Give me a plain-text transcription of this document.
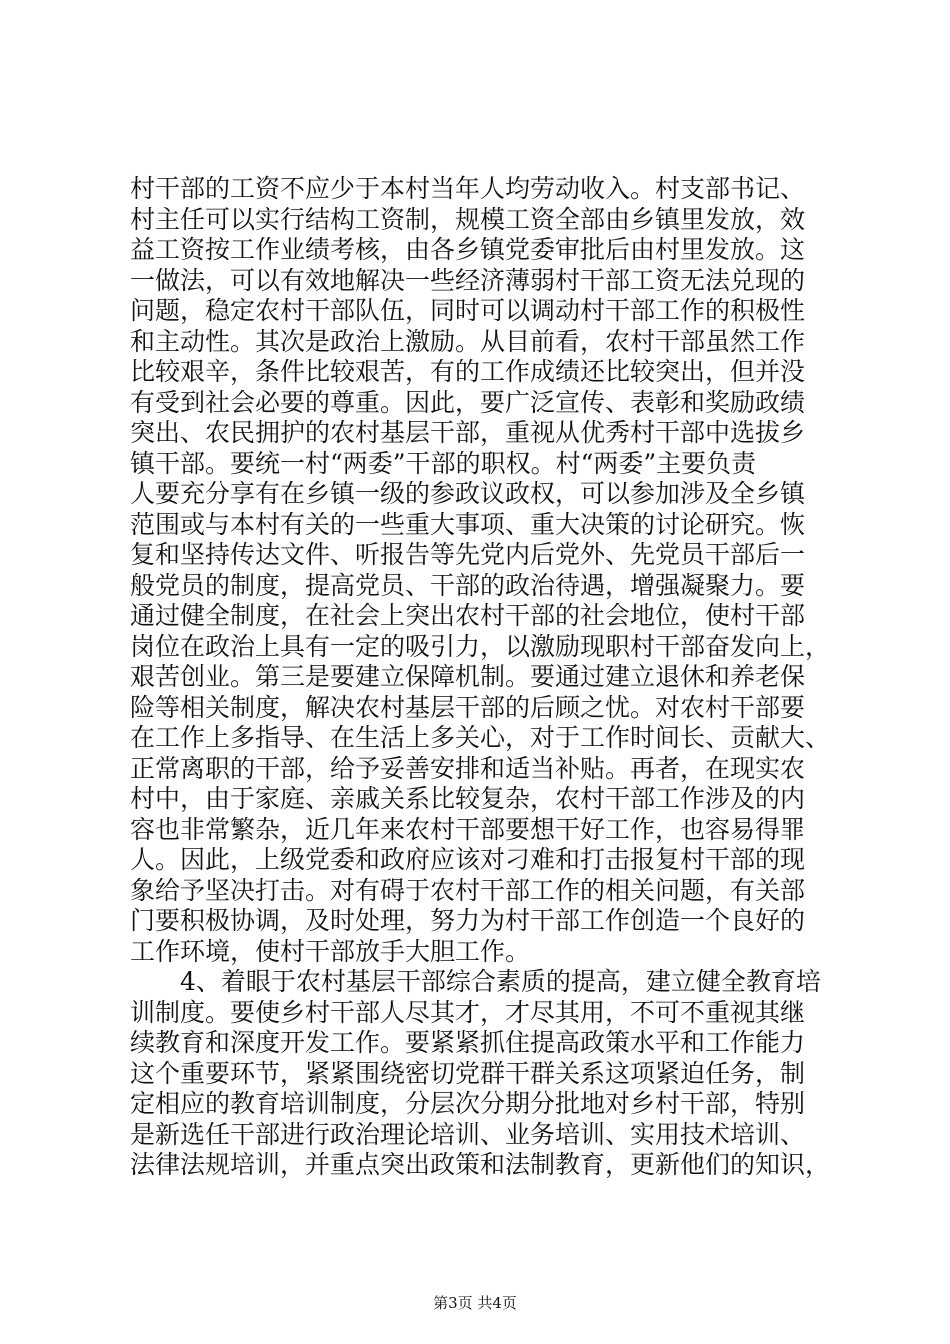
村干部的工资不应少于本村当年人均劳动收入。村支部书记、
村主任可以实行结构工资制，规模工资全部由乡镇里发放，效
益工资按工作业绩考核，由各乡镇党委审批后由村里发放。这
一做法，可以有效地解决一些经济薄弱村干部工资无法兑现的
问题，稳定农村干部队伍，同时可以调动村干部工作的积极性
和主动性。其次是政治上激励。从目前看，农村干部虽然工作
比较艰辛，条件比较艰苦，有的工作成绩还比较突出，但并没
有受到社会必要的尊重。因此，要广泛宣传、表彰和奖励政绩
突出、农民拥护的农村基层干部，重视从优秀村干部中选拔乡
镇干部。要统一村“两委”干部的职权。村“两委”主要负责
人要充分享有在乡镇一级的参政议政权，可以参加涉及全乡镇
范围或与本村有关的一些重大事项、重大决策的讨论研究。恢
复和坚持传达文件、听报告等先党内后党外、先党员干部后一
般党员的制度，提高党员、干部的政治待遇，增强凝聚力。要
通过健全制度，在社会上突出农村干部的社会地位，使村干部
岗位在政治上具有一定的吸引力，以激励现职村干部奋发向上，
艰苦创业。第三是要建立保障机制。要通过建立退休和养老保
险等相关制度，解决农村基层干部的后顾之忧。对农村干部要
在工作上多指导、在生活上多关心，对于工作时间长、贡献大、
正常离职的干部，给予妥善安排和适当补贴。再者，在现实农
村中，由于家庭、亲戚关系比较复杂，农村干部工作涉及的内
容也非常繁杂，近几年来农村干部要想干好工作，也容易得罪
人。因此，上级党委和政府应该对刁难和打击报复村干部的现
象给予坚决打击。对有碍于农村干部工作的相关问题，有关部
门要积极协调，及时处理，努力为村干部工作创造一个良好的
工作环境，使村干部放手大胆工作。
　　4、着眼于农村基层干部综合素质的提高，建立健全教育培
训制度。要使乡村干部人尽其才，才尽其用，不可不重视其继
续教育和深度开发工作。要紧紧抓住提高政策水平和工作能力
这个重要环节，紧紧围绕密切党群干群关系这项紧迫任务，制
定相应的教育培训制度，分层次分期分批地对乡村干部，特别
是新选任干部进行政治理论培训、业务培训、实用技术培训、
法律法规培训，并重点突出政策和法制教育，更新他们的知识，
第3页 共4页
